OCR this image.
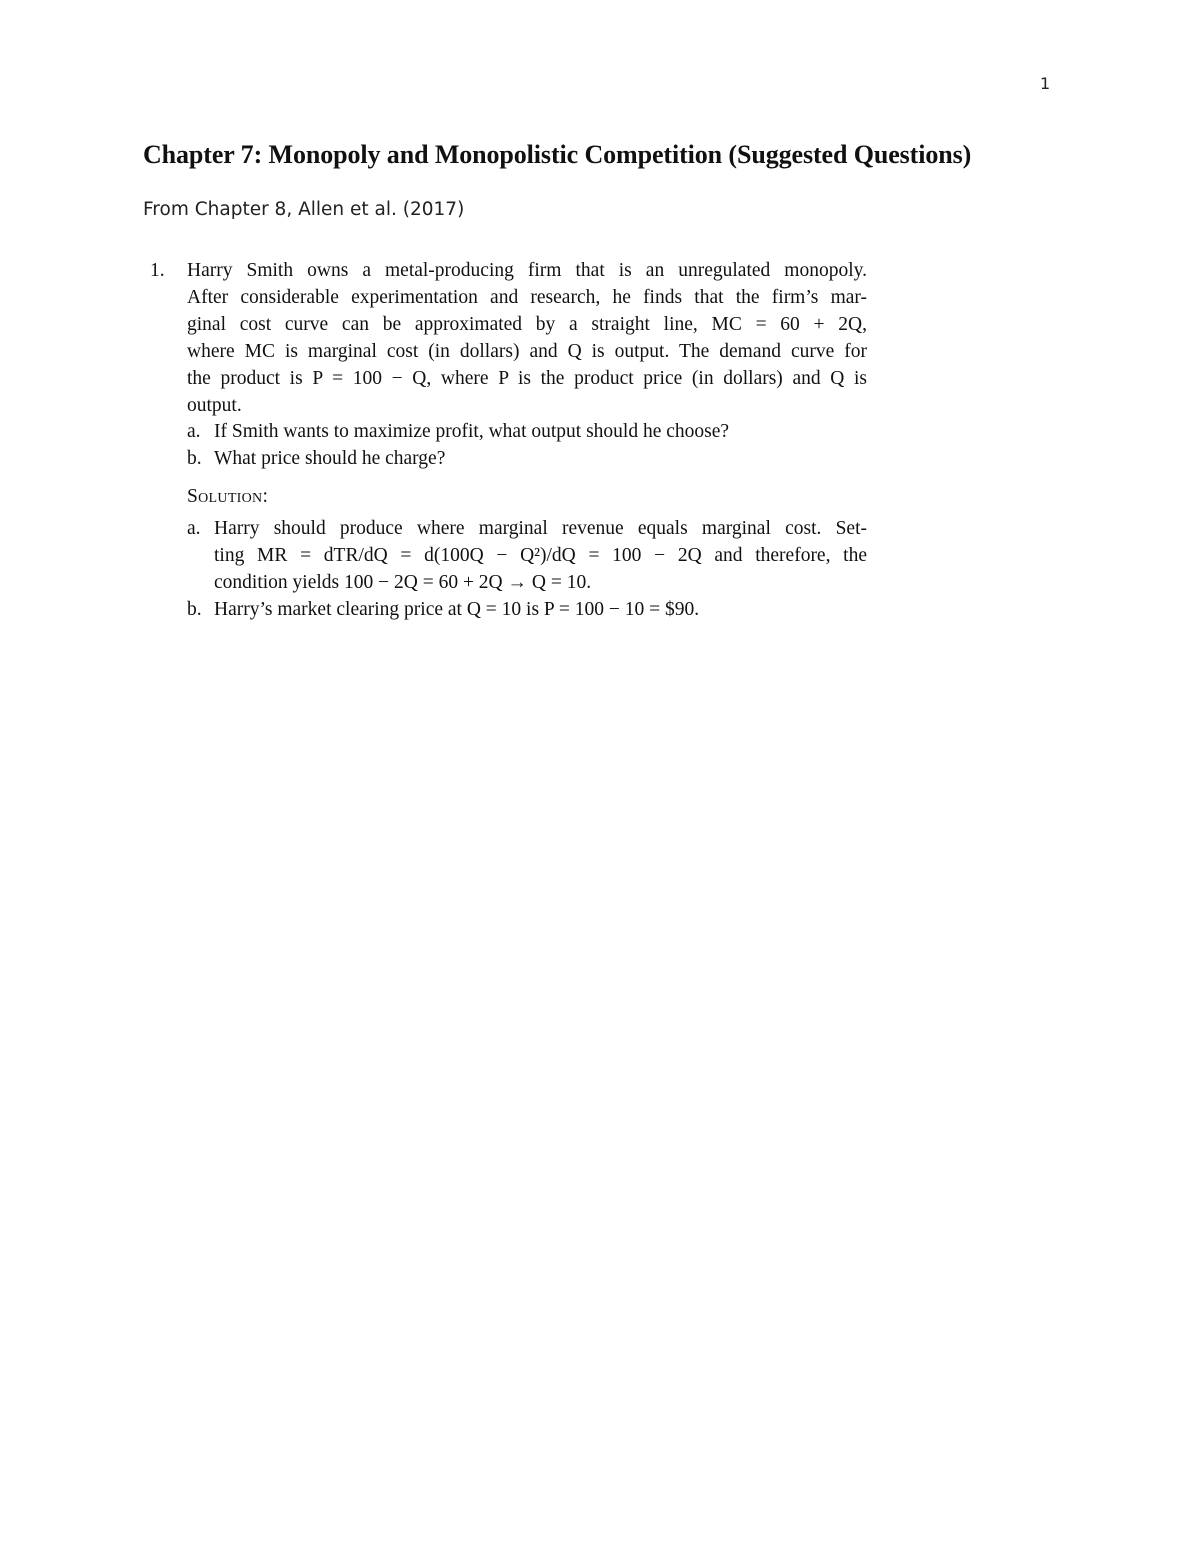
1
Chapter 7: Monopoly and Monopolistic Competition (Suggested Questions)

From Chapter 8, Allen et al. (2017)

1. Harry Smith owns a metal-producing firm that is an unregulated monopoly.
After considerable experimentation and research, he finds that the firm’s mar-
ginal cost curve can be approximated by a straight line, MC = 60 + 2Q,
where MC is marginal cost (in dollars) and Q is output. The demand curve for
the product is P = 100 − Q, where P is the product price (in dollars) and Q is
output.
a. If Smith wants to maximize profit, what output should he choose?
b. What price should he charge?
Solution:
a. Harry should produce where marginal revenue equals marginal cost. Set-
ting MR = dTR/dQ = d(100Q − Q²)/dQ = 100 − 2Q and therefore, the
condition yields 100 − 2Q = 60 + 2Q → Q = 10.
b. Harry’s market clearing price at Q = 10 is P = 100 − 10 = $90.
